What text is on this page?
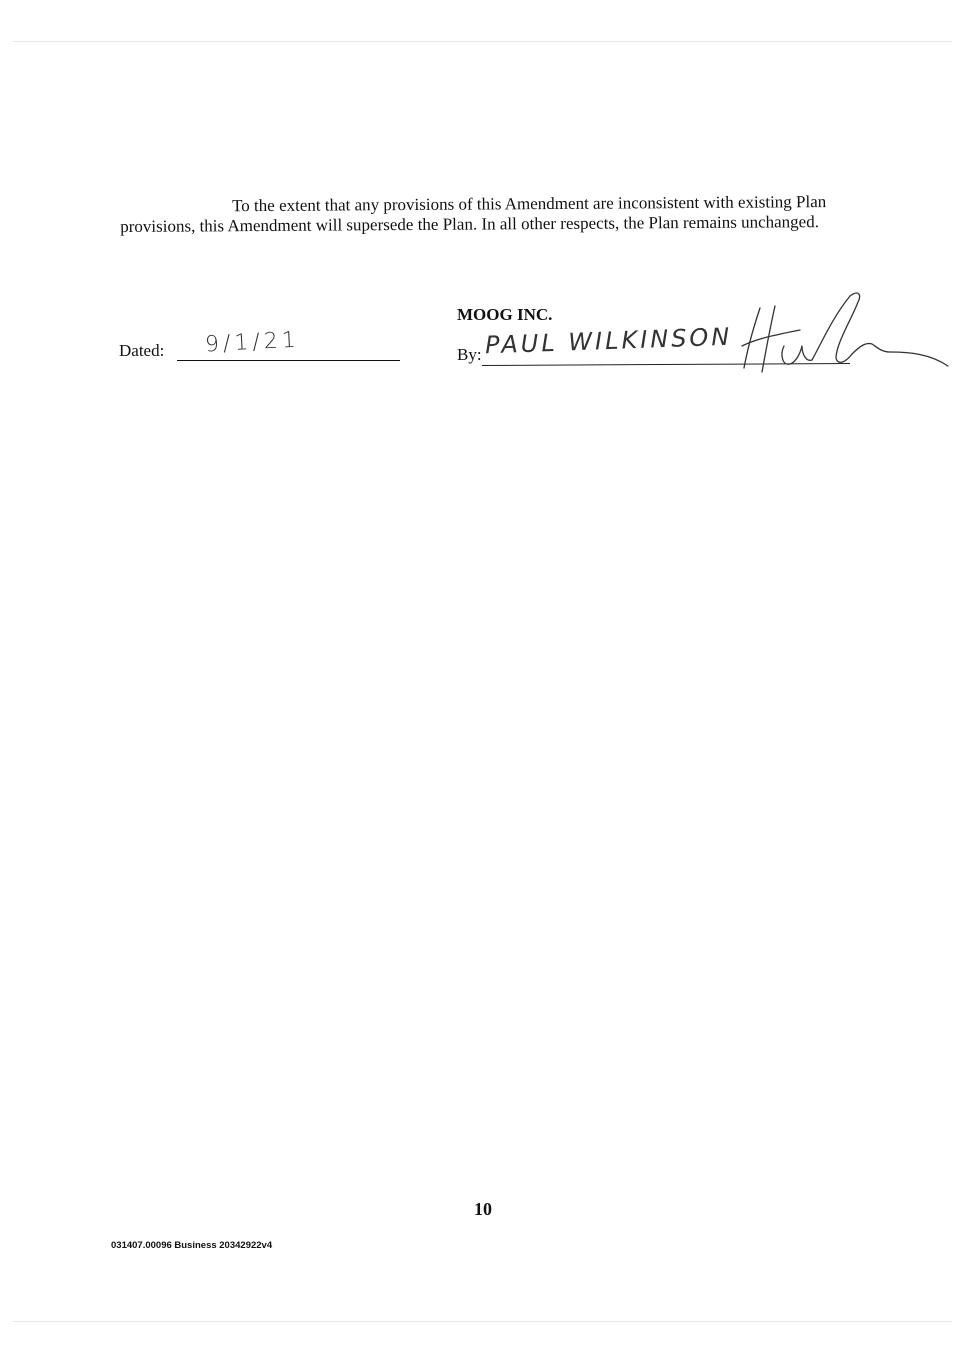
To the extent that any provisions of this Amendment are inconsistent with existing Plan provisions, this Amendment will supersede the Plan. In all other respects, the Plan remains unchanged.

Dated: 9/1/21
MOOG INC.
By: PAUL WILKINSON
10
031407.00096 Business 20342922v4
